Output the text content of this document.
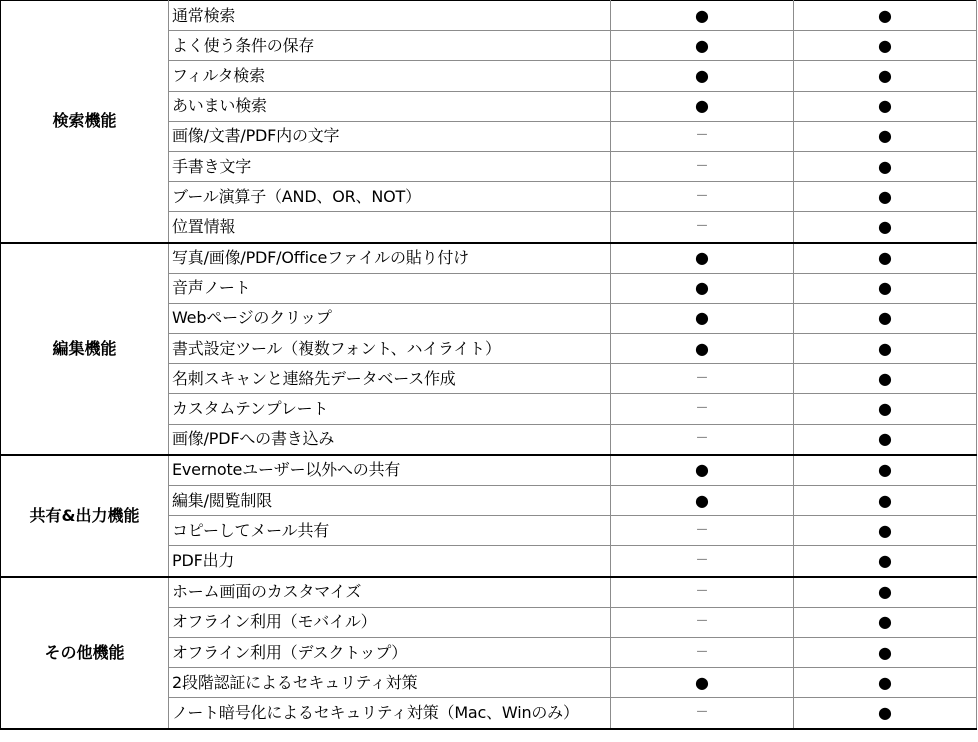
検索機能	通常検索	●	●
	よく使う条件の保存	●	●
	フィルタ検索	●	●
	あいまい検索	●	●
	画像/文書/PDF内の文字	－	●
	手書き文字	－	●
	ブール演算子（AND、OR、NOT）	－	●
	位置情報	－	●
編集機能	写真/画像/PDF/Officeファイルの貼り付け	●	●
	音声ノート	●	●
	Webページのクリップ	●	●
	書式設定ツール（複数フォント、ハイライト）	●	●
	名刺スキャンと連絡先データベース作成	－	●
	カスタムテンプレート	－	●
	画像/PDFへの書き込み	－	●
共有&出力機能	Evernoteユーザー以外への共有	●	●
	編集/閲覧制限	●	●
	コピーしてメール共有	－	●
	PDF出力	－	●
その他機能	ホーム画面のカスタマイズ	－	●
	オフライン利用（モバイル）	－	●
	オフライン利用（デスクトップ）	－	●
	2段階認証によるセキュリティ対策	●	●
	ノート暗号化によるセキュリティ対策（Mac、Winのみ）	－	●
